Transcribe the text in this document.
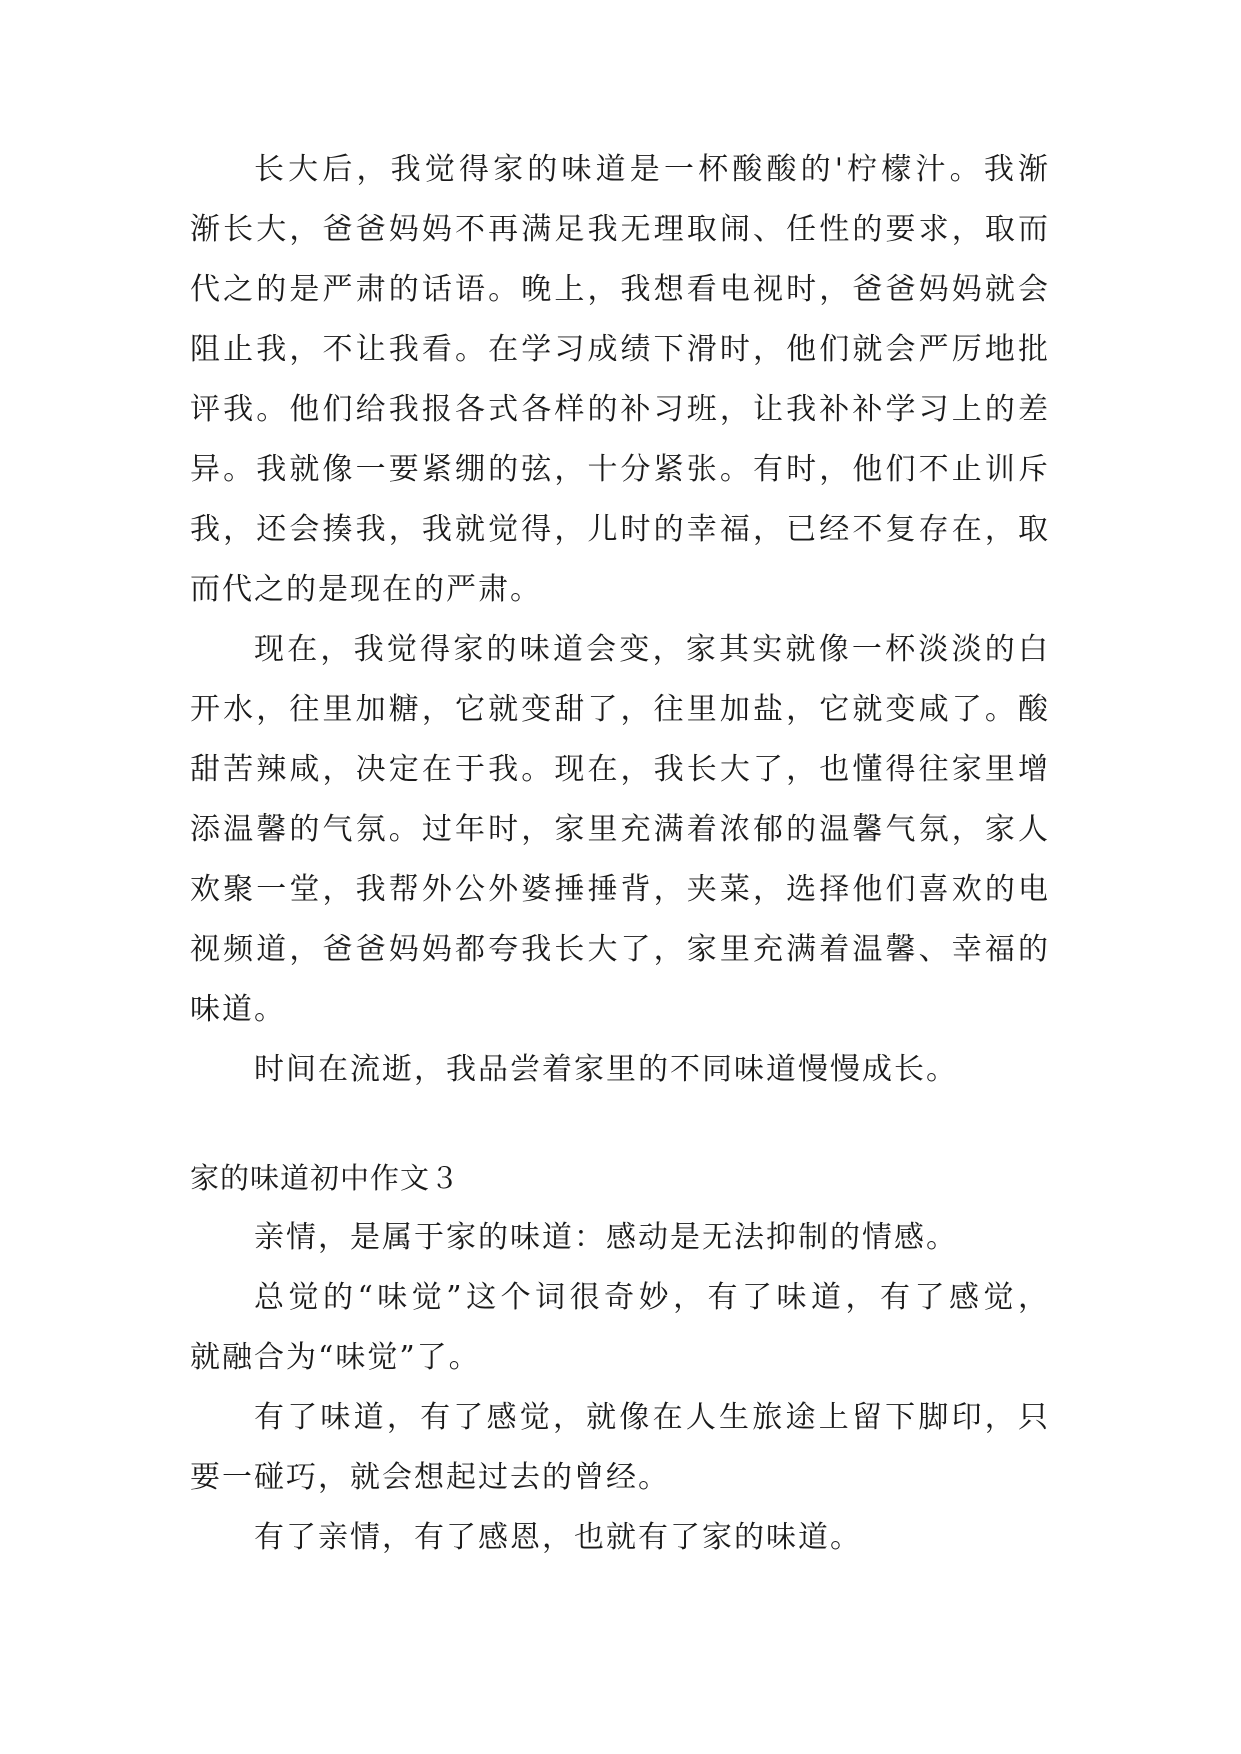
长大后，我觉得家的味道是一杯酸酸的'柠檬汁。我渐
渐长大，爸爸妈妈不再满足我无理取闹、任性的要求，取而
代之的是严肃的话语。晚上，我想看电视时，爸爸妈妈就会
阻止我，不让我看。在学习成绩下滑时，他们就会严厉地批
评我。他们给我报各式各样的补习班，让我补补学习上的差
异。我就像一要紧绷的弦，十分紧张。有时，他们不止训斥
我，还会揍我，我就觉得，儿时的幸福，已经不复存在，取
而代之的是现在的严肃。
现在，我觉得家的味道会变，家其实就像一杯淡淡的白
开水，往里加糖，它就变甜了，往里加盐，它就变咸了。酸
甜苦辣咸，决定在于我。现在，我长大了，也懂得往家里增
添温馨的气氛。过年时，家里充满着浓郁的温馨气氛，家人
欢聚一堂，我帮外公外婆捶捶背，夹菜，选择他们喜欢的电
视频道，爸爸妈妈都夸我长大了，家里充满着温馨、幸福的
味道。
时间在流逝，我品尝着家里的不同味道慢慢成长。
家的味道初中作文３
亲情，是属于家的味道：感动是无法抑制的情感。
总觉的“味觉”这个词很奇妙，有了味道，有了感觉，
就融合为“味觉”了。
有了味道，有了感觉，就像在人生旅途上留下脚印，只
要一碰巧，就会想起过去的曾经。
有了亲情，有了感恩，也就有了家的味道。
